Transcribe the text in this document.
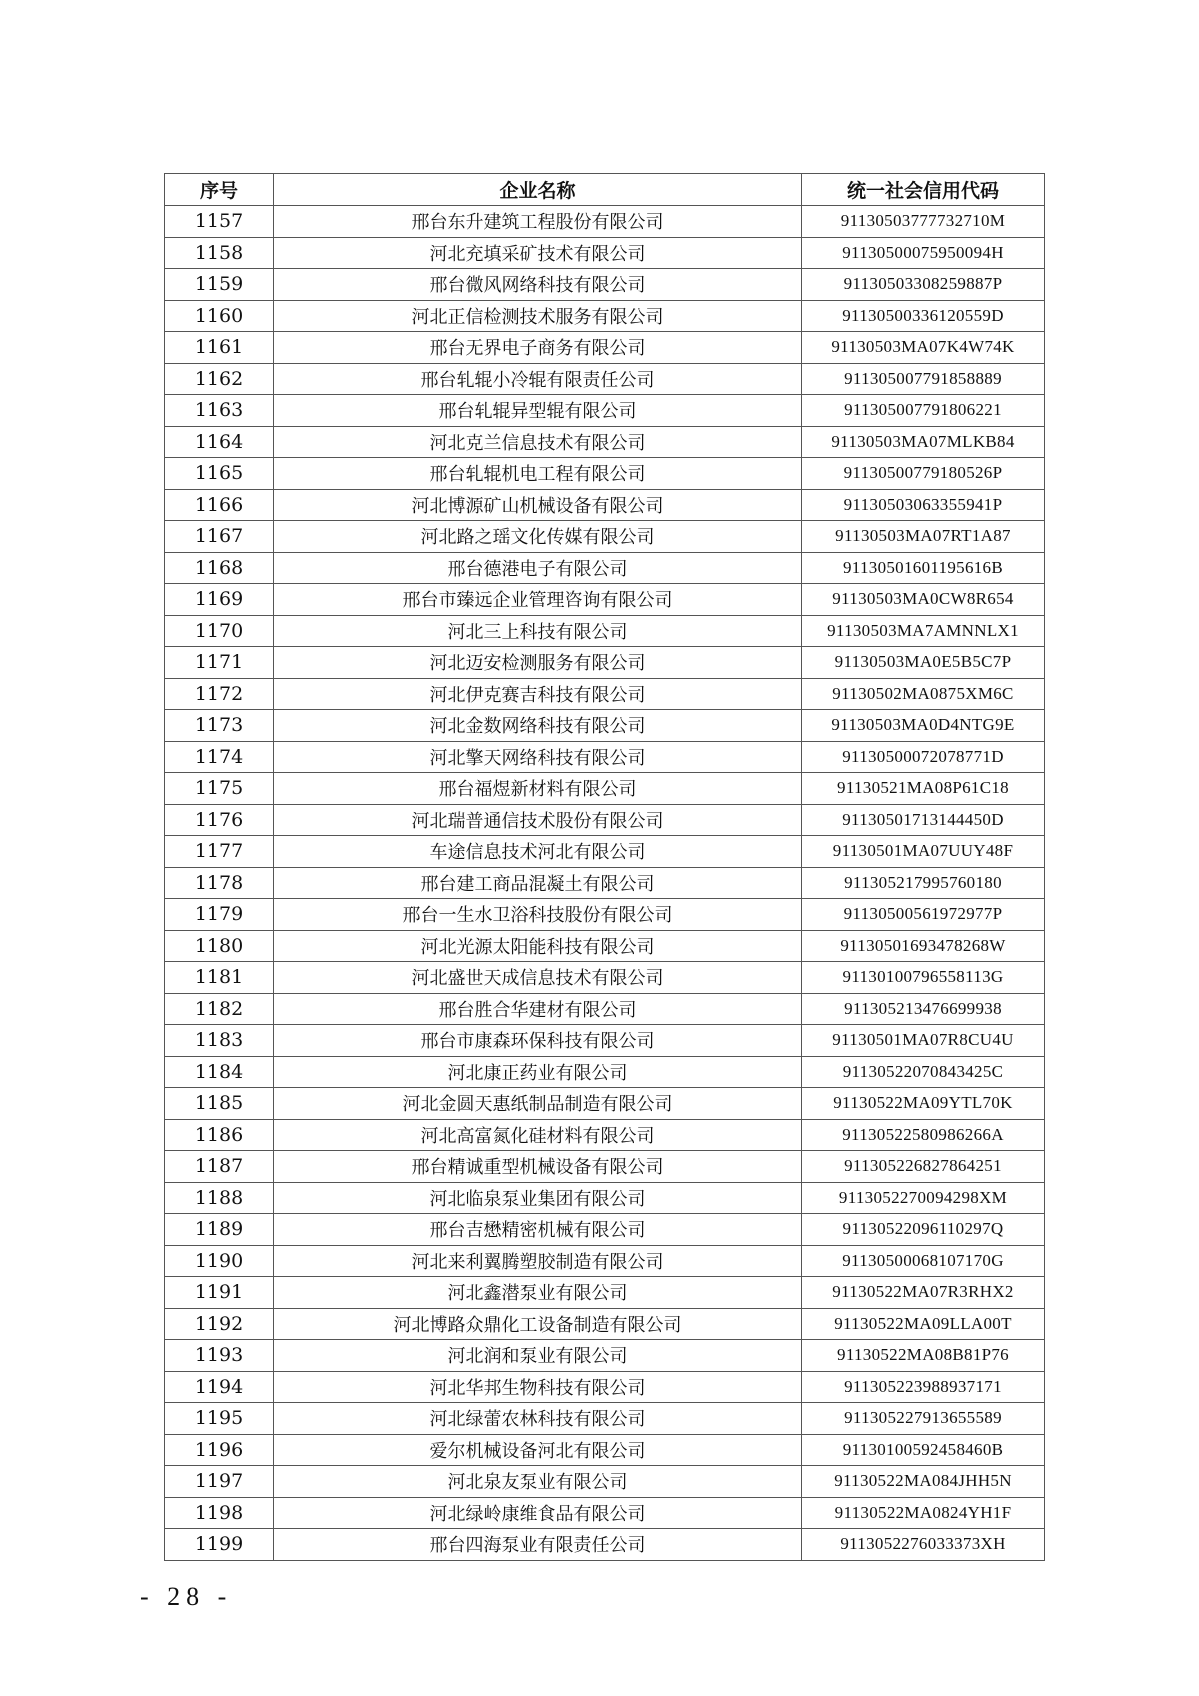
序号	企业名称	统一社会信用代码
1157	邢台东升建筑工程股份有限公司	91130503777732710M
1158	河北充填采矿技术有限公司	91130500075950094H
1159	邢台微风网络科技有限公司	91130503308259887P
1160	河北正信检测技术服务有限公司	91130500336120559D
1161	邢台无界电子商务有限公司	91130503MA07K4W74K
1162	邢台轧辊小冷辊有限责任公司	911305007791858889
1163	邢台轧辊异型辊有限公司	911305007791806221
1164	河北克兰信息技术有限公司	91130503MA07MLKB84
1165	邢台轧辊机电工程有限公司	91130500779180526P
1166	河北博源矿山机械设备有限公司	91130503063355941P
1167	河北路之瑶文化传媒有限公司	91130503MA07RT1A87
1168	邢台德港电子有限公司	91130501601195616B
1169	邢台市臻远企业管理咨询有限公司	91130503MA0CW8R654
1170	河北三上科技有限公司	91130503MA7AMNNLX1
1171	河北迈安检测服务有限公司	91130503MA0E5B5C7P
1172	河北伊克赛吉科技有限公司	91130502MA0875XM6C
1173	河北金数网络科技有限公司	91130503MA0D4NTG9E
1174	河北擎天网络科技有限公司	91130500072078771D
1175	邢台福煜新材料有限公司	91130521MA08P61C18
1176	河北瑞普通信技术股份有限公司	91130501713144450D
1177	车途信息技术河北有限公司	91130501MA07UUY48F
1178	邢台建工商品混凝土有限公司	911305217995760180
1179	邢台一生水卫浴科技股份有限公司	91130500561972977P
1180	河北光源太阳能科技有限公司	91130501693478268W
1181	河北盛世天成信息技术有限公司	91130100796558113G
1182	邢台胜合华建材有限公司	911305213476699938
1183	邢台市康森环保科技有限公司	91130501MA07R8CU4U
1184	河北康正药业有限公司	91130522070843425C
1185	河北金圆天惠纸制品制造有限公司	91130522MA09YTL70K
1186	河北高富氮化硅材料有限公司	91130522580986266A
1187	邢台精诚重型机械设备有限公司	911305226827864251
1188	河北临泉泵业集团有限公司	9113052270094298XM
1189	邢台吉懋精密机械有限公司	91130522096110297Q
1190	河北来利翼腾塑胶制造有限公司	91130500068107170G
1191	河北鑫潜泵业有限公司	91130522MA07R3RHX2
1192	河北博路众鼎化工设备制造有限公司	91130522MA09LLA00T
1193	河北润和泵业有限公司	91130522MA08B81P76
1194	河北华邦生物科技有限公司	911305223988937171
1195	河北绿蕾农林科技有限公司	911305227913655589
1196	爱尔机械设备河北有限公司	91130100592458460B
1197	河北泉友泵业有限公司	91130522MA084JHH5N
1198	河北绿岭康维食品有限公司	91130522MA0824YH1F
1199	邢台四海泵业有限责任公司	9113052276033373XH
- 28 -
